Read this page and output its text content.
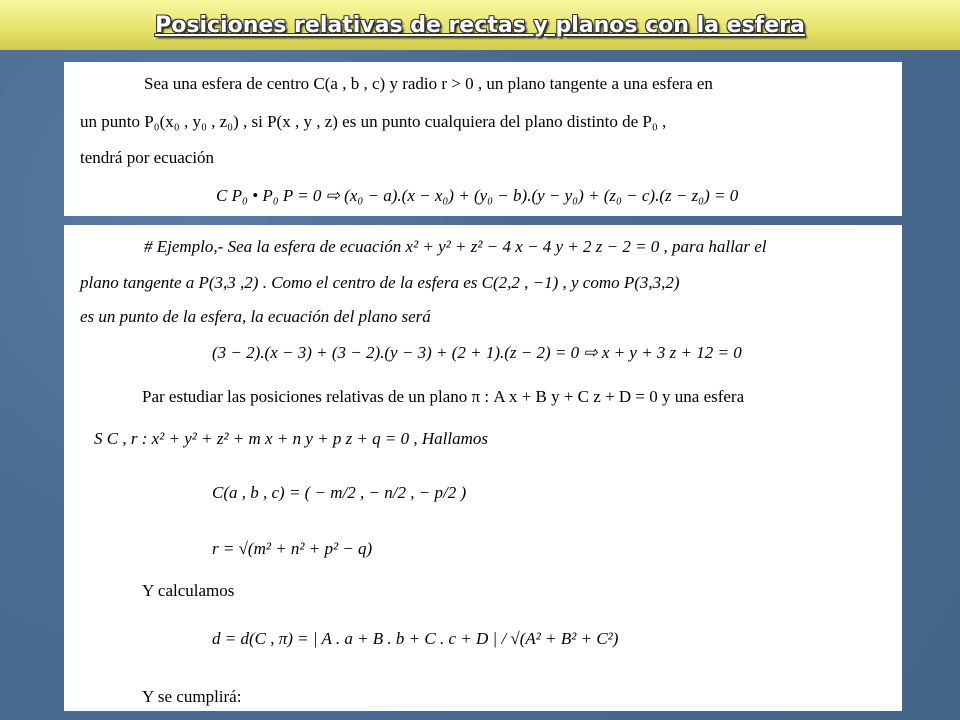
Posiciones relativas de rectas y planos con la esfera
Sea una esfera de centro C(a , b , c) y radio r > 0 , un plano tangente a una esfera en
un punto P₀(x₀ , y₀ , z₀) , si P(x , y , z) es un punto cualquiera del plano distinto de P₀ ,
tendrá por ecuación
C P₀ • P₀ P = 0 ⇨ (x₀ − a).(x − x₀) + (y₀ − b).(y − y₀) + (z₀ − c).(z − z₀) = 0
# Ejemplo,- Sea la esfera de ecuación x² + y² + z² − 4 x − 4 y + 2 z − 2 = 0 , para hallar el
plano tangente a P(3,3 ,2) . Como el centro de la esfera es C(2,2 , −1) , y como P(3,3,2)
es un punto de la esfera, la ecuación del plano será
(3 − 2).(x − 3) + (3 − 2).(y − 3) + (2 + 1).(z − 2) = 0 ⇨ x + y + 3 z + 12 = 0
Par estudiar las posiciones relativas de un plano π : A x + B y + C z + D = 0 y una esfera
S C , r : x² + y² + z² + m x + n y + p z + q = 0 , Hallamos
C(a , b , c) = ( − m/2 , − n/2 , − p/2 )
r = √(m² + n² + p² − q)
Y calculamos
d = d(C , π) = | A . a + B . b + C . c + D | / √(A² + B² + C²)
Y se cumplirá:
